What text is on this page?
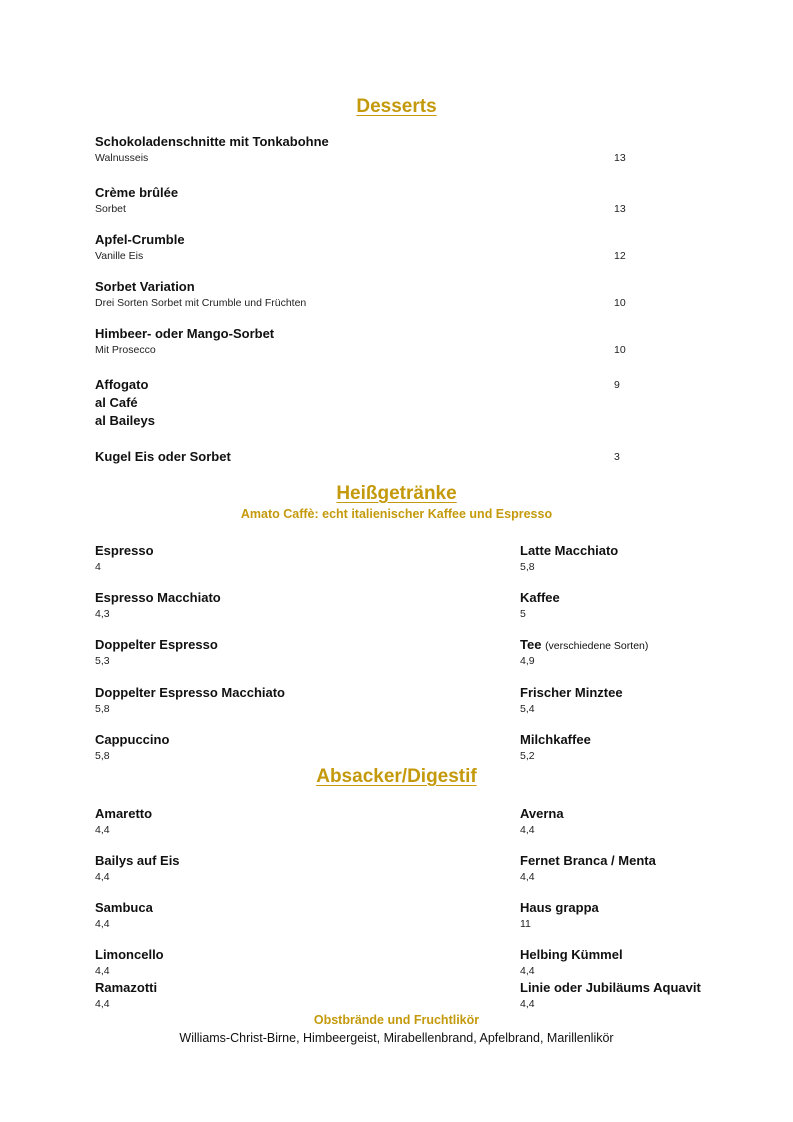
Desserts
Schokoladenschnitte mit Tonkabohne
Walnusseis	13
Crème brûlée
Sorbet	13
Apfel-Crumble
Vanille Eis	12
Sorbet Variation
Drei Sorten Sorbet mit Crumble und Früchten	10
Himbeer- oder Mango-Sorbet
Mit Prosecco	10
Affogato	9
al Café
al Baileys
Kugel Eis oder Sorbet	3
Heißgetränke
Amato Caffè: echt italienischer Kaffee und Espresso
Espresso
4
Espresso Macchiato
4,3
Doppelter Espresso
5,3
Doppelter Espresso Macchiato
5,8
Cappuccino
5,8
Latte Macchiato
5,8
Kaffee
5
Tee (verschiedene Sorten)
4,9
Frischer Minztee
5,4
Milchkaffee
5,2
Absacker/Digestif
Amaretto
4,4
Bailys auf Eis
4,4
Sambuca
4,4
Limoncello
4,4
Ramazotti
4,4
Averna
4,4
Fernet Branca / Menta
4,4
Haus grappa
11
Helbing Kümmel
4,4
Linie oder Jubiläums Aquavit
4,4
Obstbrände und Fruchtlikör
Williams-Christ-Birne, Himbeergeist, Mirabellenbrand, Apfelbrand, Marillenlikör
